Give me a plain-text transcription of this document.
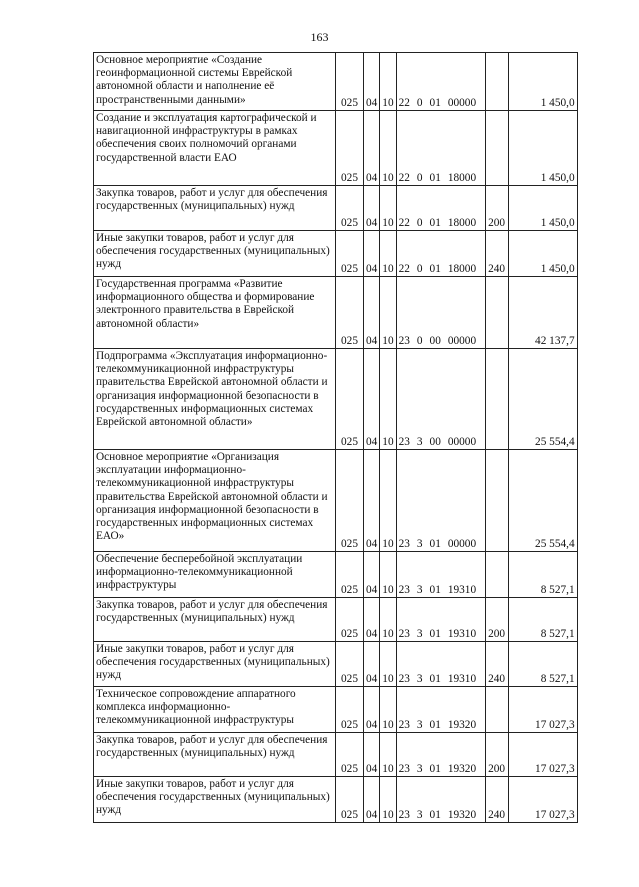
163
Основное мероприятие «Создание геоинформационной системы Еврейской автономной области и наполнение её пространственными данными»	025	04	10	22 0 01 00000		1 450,0
Создание и эксплуатация картографической и навигационной инфраструктуры в рамках обеспечения своих полномочий органами государственной власти ЕАО	025	04	10	22 0 01 18000		1 450,0
Закупка товаров, работ и услуг для обеспечения государственных (муниципальных) нужд	025	04	10	22 0 01 18000	200	1 450,0
Иные закупки товаров, работ и услуг для обеспечения государственных (муниципальных) нужд	025	04	10	22 0 01 18000	240	1 450,0
Государственная программа «Развитие информационного общества и формирование электронного правительства в Еврейской автономной области»	025	04	10	23 0 00 00000		42 137,7
Подпрограмма «Эксплуатация информационно-телекоммуникационной инфраструктуры правительства Еврейской автономной области и организация информационной безопасности в государственных информационных системах Еврейской автономной области»	025	04	10	23 3 00 00000		25 554,4
Основное мероприятие «Организация эксплуатации информационно-телекоммуникационной инфраструктуры правительства Еврейской автономной области и организация информационной безопасности в государственных информационных системах ЕАО»	025	04	10	23 3 01 00000		25 554,4
Обеспечение бесперебойной эксплуатации информационно-телекоммуникационной инфраструктуры	025	04	10	23 3 01 19310		8 527,1
Закупка товаров, работ и услуг для обеспечения государственных (муниципальных) нужд	025	04	10	23 3 01 19310	200	8 527,1
Иные закупки товаров, работ и услуг для обеспечения государственных (муниципальных) нужд	025	04	10	23 3 01 19310	240	8 527,1
Техническое сопровождение аппаратного комплекса информационно-телекоммуникационной инфраструктуры	025	04	10	23 3 01 19320		17 027,3
Закупка товаров, работ и услуг для обеспечения государственных (муниципальных) нужд	025	04	10	23 3 01 19320	200	17 027,3
Иные закупки товаров, работ и услуг для обеспечения государственных (муниципальных) нужд	025	04	10	23 3 01 19320	240	17 027,3
